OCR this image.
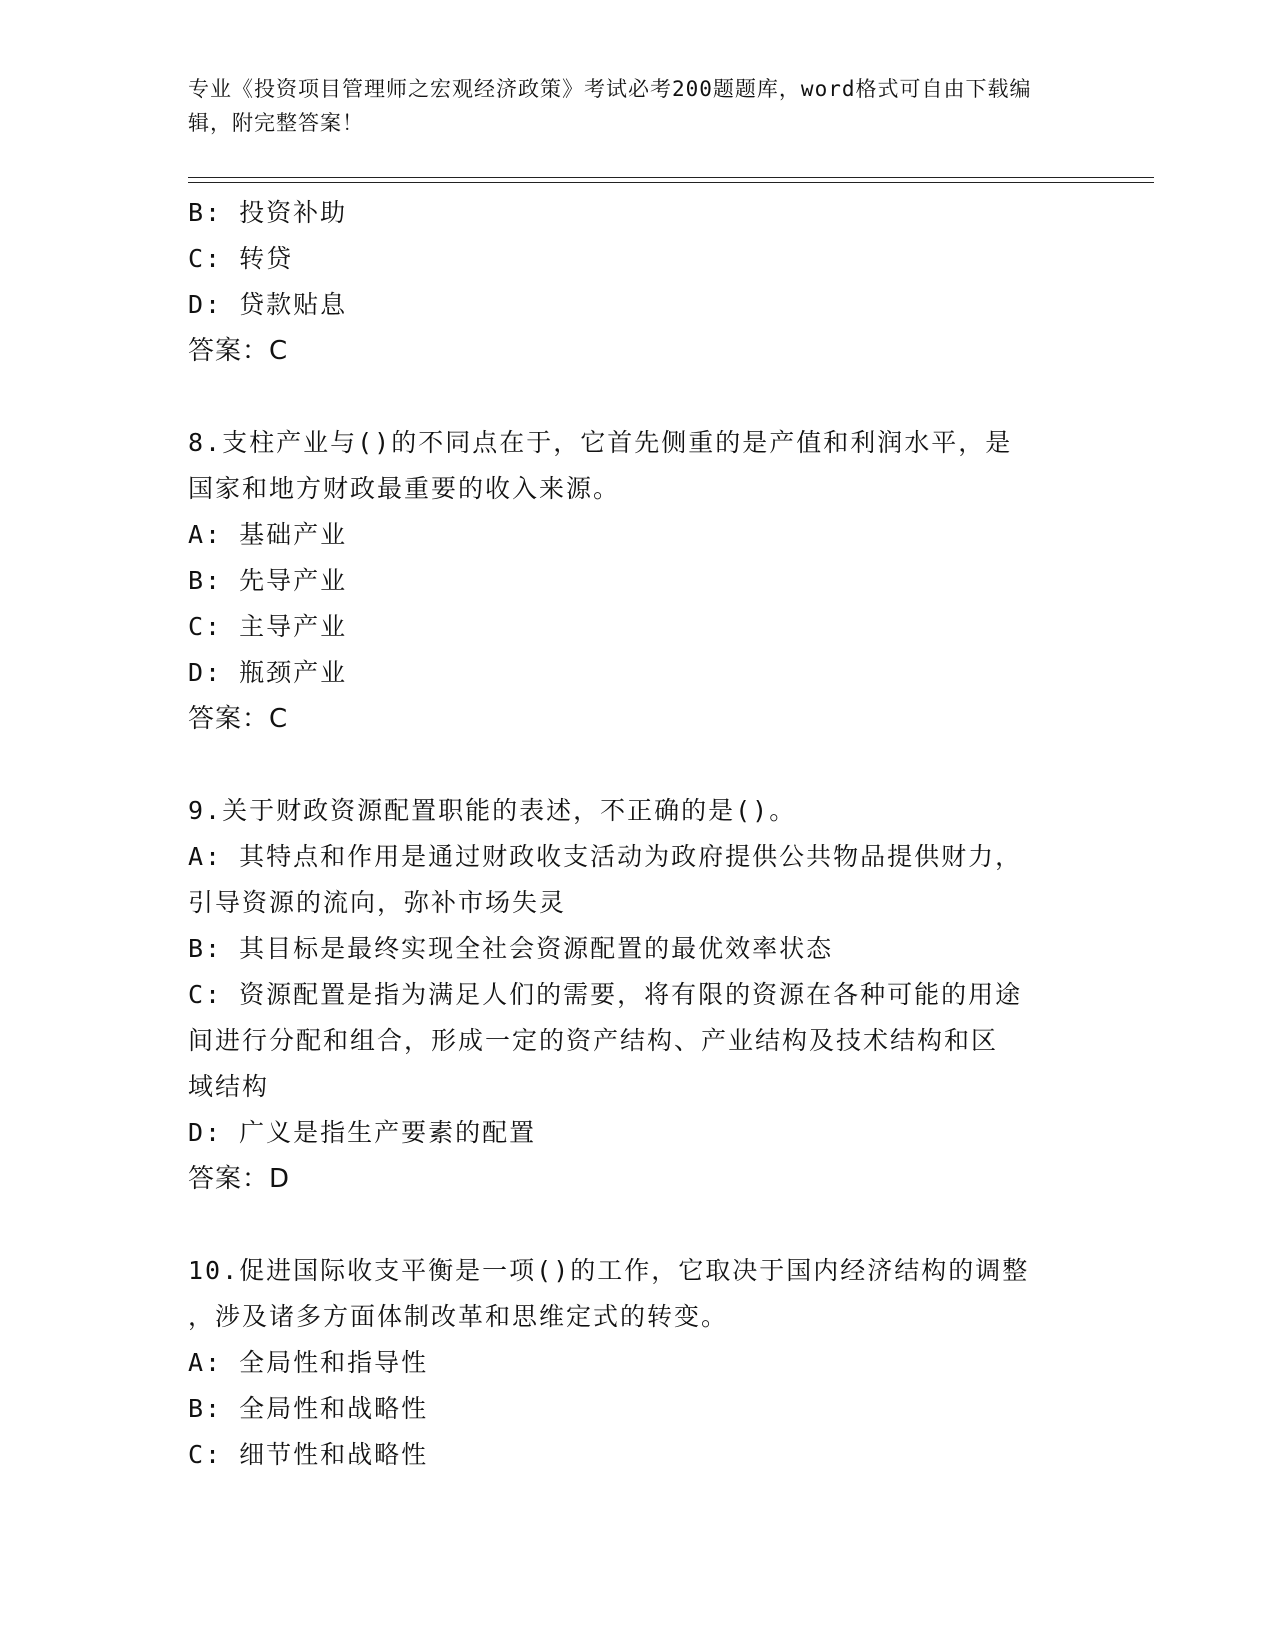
专业《投资项目管理师之宏观经济政策》考试必考200题题库，word格式可自由下载编辑，附完整答案！
B: 投资补助
C: 转贷
D: 贷款贴息
答案：C
8.支柱产业与()的不同点在于，它首先侧重的是产值和利润水平，是
国家和地方财政最重要的收入来源。
A: 基础产业
B: 先导产业
C: 主导产业
D: 瓶颈产业
答案：C
9.关于财政资源配置职能的表述，不正确的是()。
A: 其特点和作用是通过财政收支活动为政府提供公共物品提供财力，
引导资源的流向，弥补市场失灵
B: 其目标是最终实现全社会资源配置的最优效率状态
C: 资源配置是指为满足人们的需要，将有限的资源在各种可能的用途
间进行分配和组合，形成一定的资产结构、产业结构及技术结构和区
域结构
D: 广义是指生产要素的配置
答案：D
10.促进国际收支平衡是一项()的工作，它取决于国内经济结构的调整
，涉及诸多方面体制改革和思维定式的转变。
A: 全局性和指导性
B: 全局性和战略性
C: 细节性和战略性
